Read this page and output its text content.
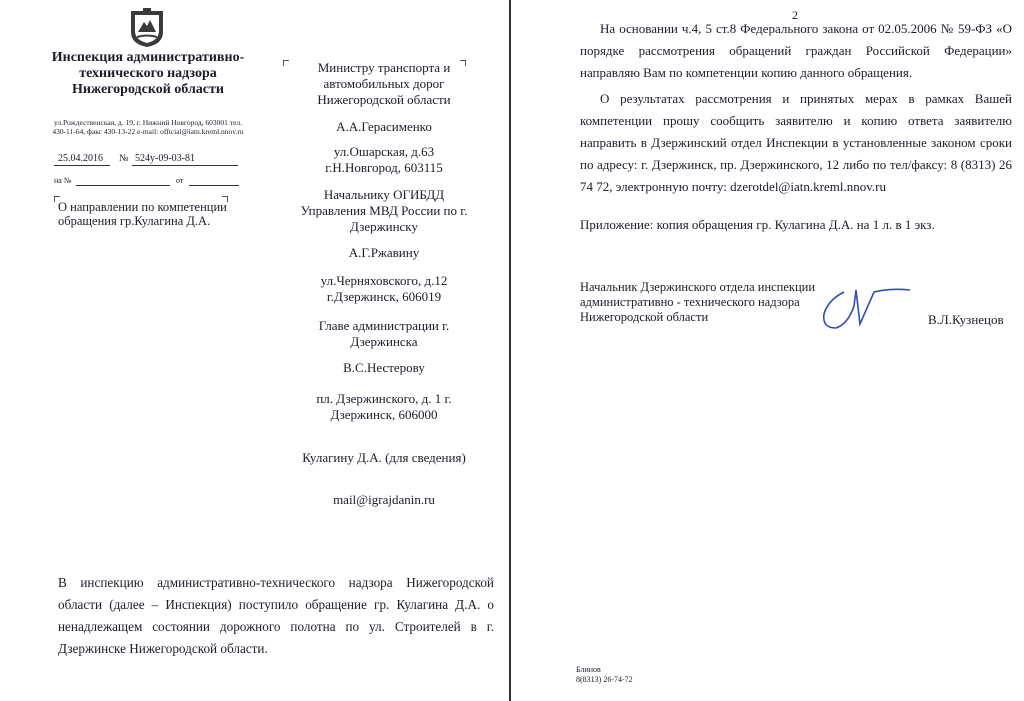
Инспекция административно-технического надзора Нижегородской области
ул.Рождественская, д. 19, г. Нижний Новгород, 603001 тел. 430-11-64, факс 430-13-22 e-mail: official@iatn.kreml.nnov.ru
25.04.2016 № 524у-09-03-81
на №	от
О направлении по компетенции обращения гр.Кулагина Д.А.
Министру транспорта и автомобильных дорог Нижегородской области
А.А.Герасименко
ул.Ошарская, д.63 г.Н.Новгород, 603115
Начальнику ОГИБДД Управления МВД России по г. Дзержинску
А.Г.Ржавину
ул.Черняховского, д.12 г.Дзержинск, 606019
Главе администрации г. Дзержинска
В.С.Нестерову
пл. Дзержинского, д. 1 г. Дзержинск, 606000
Кулагину Д.А. (для сведения)
mail@igrajdanin.ru
В инспекцию административно-технического надзора Нижегородской области (далее – Инспекция) поступило обращение гр. Кулагина Д.А. о ненадлежащем состоянии дорожного полотна по ул. Строителей в г. Дзержинске Нижегородской области.
2
На основании ч.4, 5 ст.8 Федерального закона от 02.05.2006 № 59-ФЗ «О порядке рассмотрения обращений граждан Российской Федерации» направляю Вам по компетенции копию данного обращения.
О результатах рассмотрения и принятых мерах в рамках Вашей компетенции прошу сообщить заявителю и копию ответа заявителю направить в Дзержинский отдел Инспекции в установленные законом сроки по адресу: г. Дзержинск, пр. Дзержинского, 12 либо по тел/факсу: 8 (8313) 26 74 72, электронную почту: dzerotdel@iatn.kreml.nnov.ru
Приложение: копия обращения гр. Кулагина Д.А. на 1 л. в 1 экз.
Начальник Дзержинского отдела инспекции административно - технического надзора Нижегородской области	В.Л.Кузнецов
Блинов
8(8313) 26-74-72
